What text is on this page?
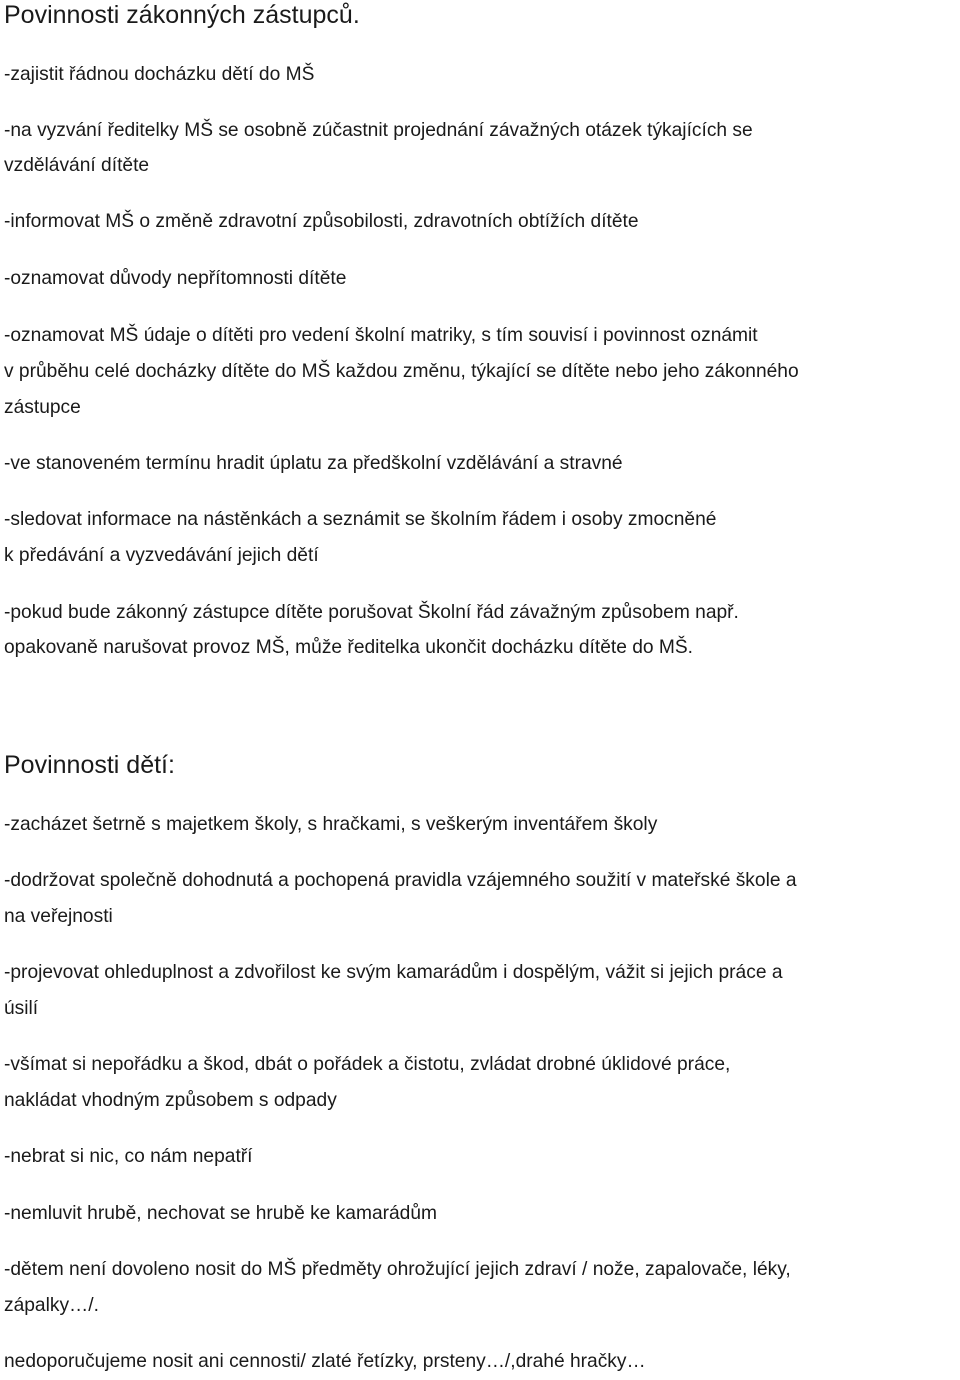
Povinnosti zákonných zástupců.
-zajistit řádnou docházku dětí do MŠ
-na vyzvání ředitelky MŠ se osobně zúčastnit projednání závažných otázek týkajících se
vzdělávání dítěte
-informovat MŠ o změně zdravotní způsobilosti, zdravotních obtížích dítěte
-oznamovat důvody nepřítomnosti dítěte
-oznamovat MŠ údaje o dítěti pro vedení školní matriky, s tím souvisí i povinnost oznámit
v průběhu celé docházky dítěte do MŠ každou změnu, týkající se dítěte nebo jeho zákonného
zástupce
-ve stanoveném termínu hradit úplatu za předškolní vzdělávání a stravné
-sledovat informace na nástěnkách a seznámit se školním řádem i osoby zmocněné
k předávání a vyzvedávání jejich dětí
-pokud bude zákonný zástupce dítěte porušovat Školní řád závažným způsobem např.
opakovaně narušovat provoz MŠ, může ředitelka ukončit docházku dítěte do MŠ.
Povinnosti dětí:
-zacházet šetrně s majetkem školy, s hračkami, s veškerým inventářem školy
-dodržovat společně dohodnutá a pochopená pravidla vzájemného soužití v mateřské škole a
na veřejnosti
-projevovat ohleduplnost a zdvořilost ke svým kamarádům i dospělým, vážit si jejich práce a
úsilí
-všímat si nepořádku a škod, dbát o pořádek a čistotu, zvládat drobné úklidové práce,
nakládat vhodným způsobem s odpady
-nebrat si nic, co nám nepatří
-nemluvit hrubě, nechovat se hrubě ke kamarádům
-dětem není dovoleno nosit do MŠ předměty ohrožující jejich zdraví / nože, zapalovače, léky,
zápalky…/.
nedoporučujeme nosit ani cennosti/ zlaté řetízky, prsteny…/,drahé hračky…
